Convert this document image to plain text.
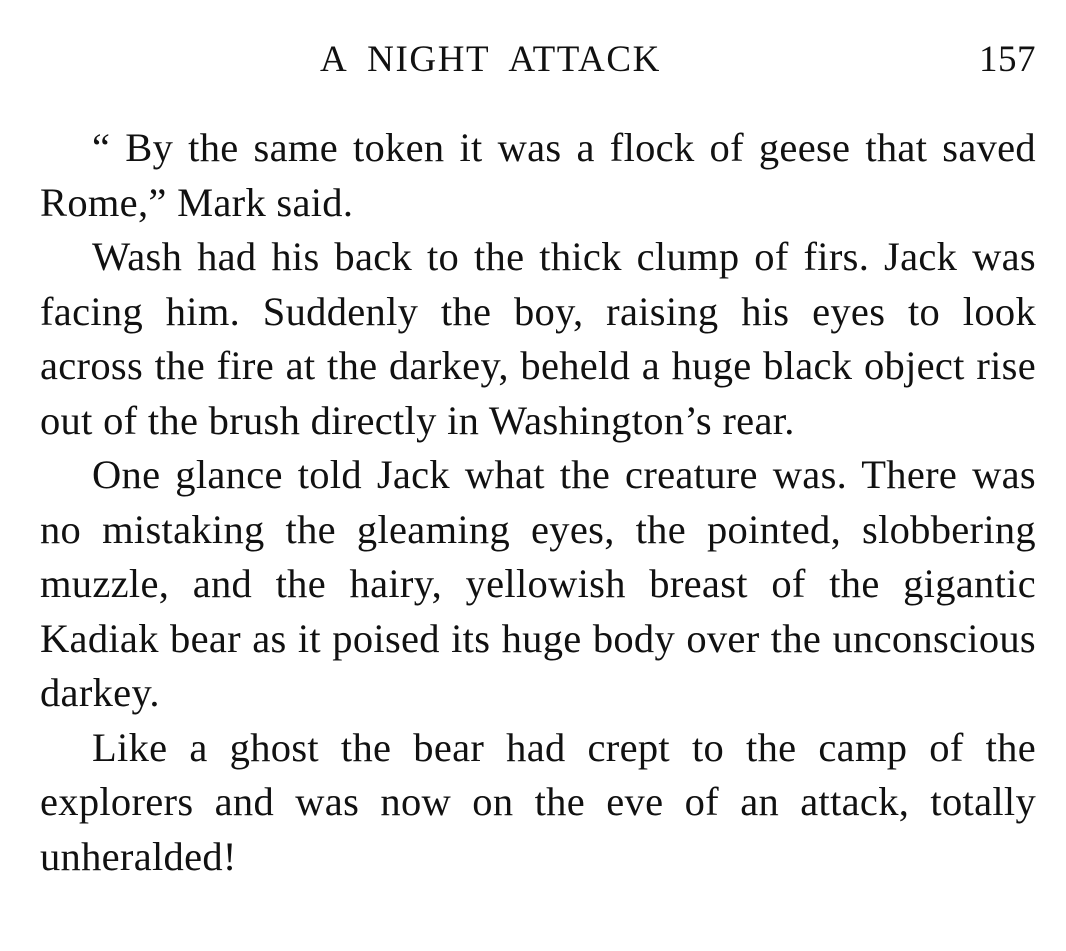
A NIGHT ATTACK	157

“ By the same token it was a flock of geese that saved Rome,” Mark said.

Wash had his back to the thick clump of firs. Jack was facing him. Suddenly the boy, raising his eyes to look across the fire at the darkey, beheld a huge black object rise out of the brush directly in Washington’s rear.

One glance told Jack what the creature was. There was no mistaking the gleaming eyes, the pointed, slobbering muzzle, and the hairy, yellowish breast of the gigantic Kadiak bear as it poised its huge body over the unconscious darkey.

Like a ghost the bear had crept to the camp of the explorers and was now on the eve of an attack, totally unheralded!
